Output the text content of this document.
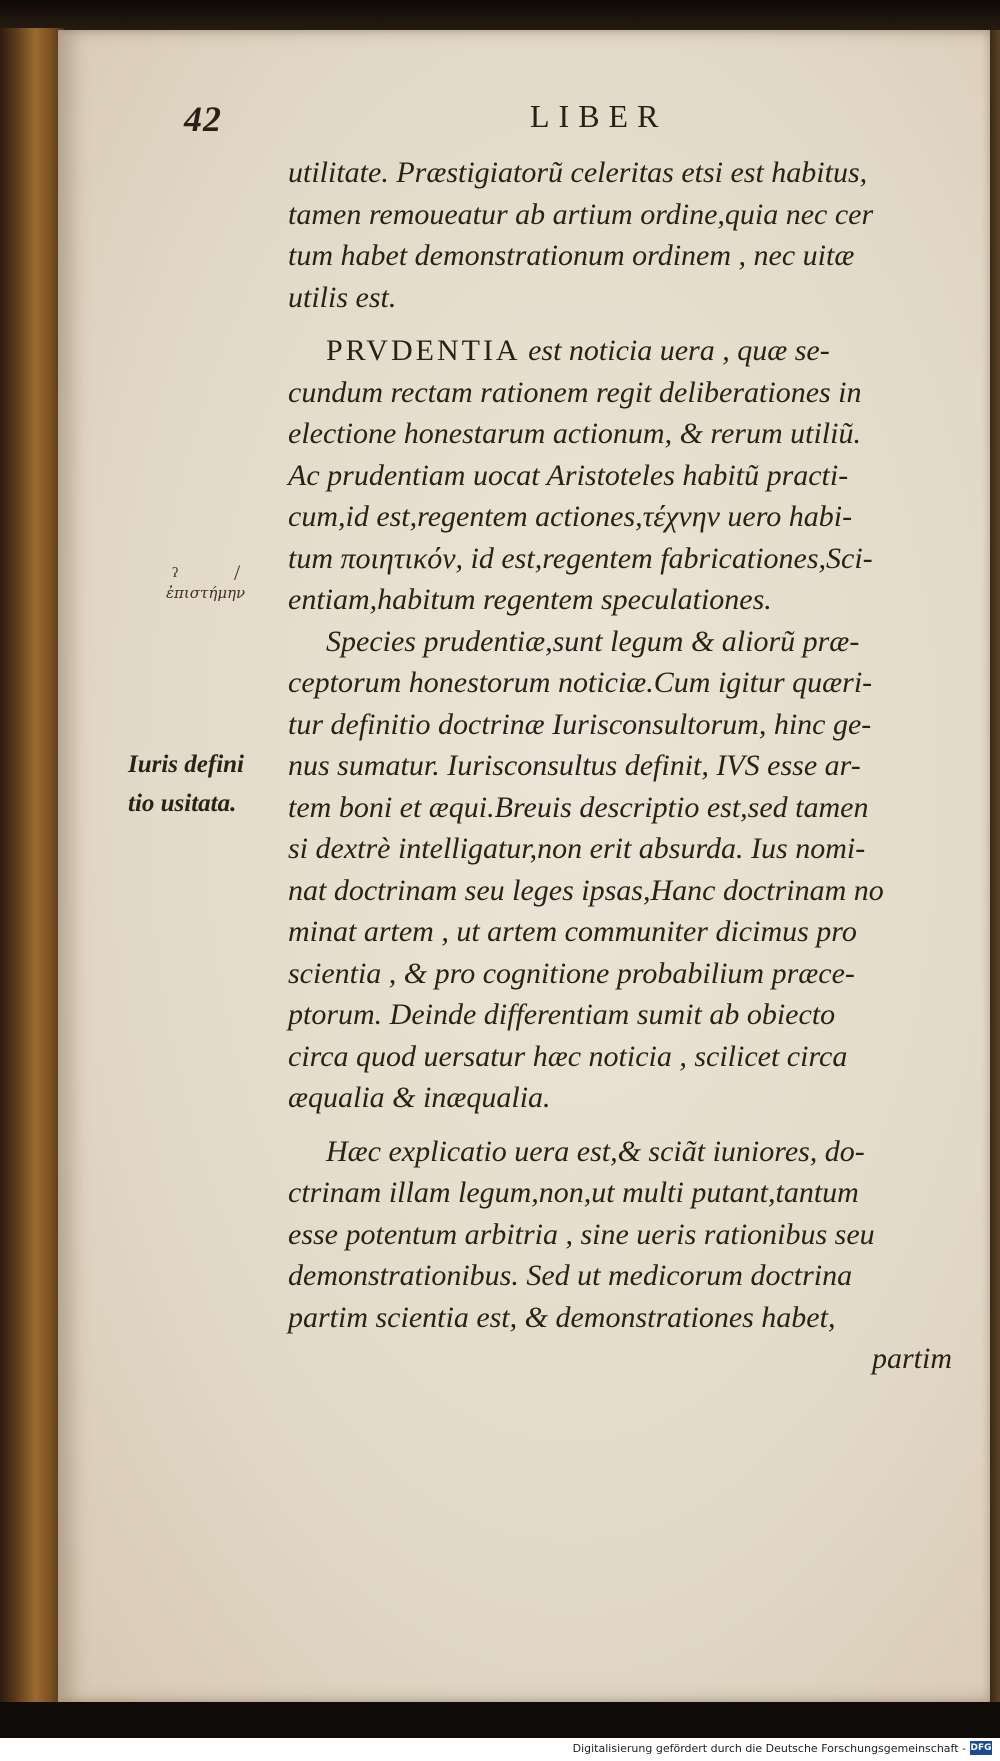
42	LIBER
ʔ	/
ἐπιστήμην
Iuris defini
tio usitata.
utilitate. Præstigiatorũ celeritas etsi est habitus,
tamen remoueatur ab artium ordine,quia nec cer
tum habet demonstrationum ordinem , nec uitæ
utilis est.
PRVDENTIA est noticia uera , quæ se-
cundum rectam rationem regit deliberationes in
electione honestarum actionum, & rerum utiliũ.
Ac prudentiam uocat Aristoteles habitũ practi-
cum,id est,regentem actiones,τέχνην uero habi-
tum ποιητικόν, id est,regentem fabricationes,Sci-
entiam,habitum regentem speculationes.
Species prudentiæ,sunt legum & aliorũ præ-
ceptorum honestorum noticiæ.Cum igitur quæri-
tur definitio doctrinæ Iurisconsultorum, hinc ge-
nus sumatur. Iurisconsultus definit, IVS esse ar-
tem boni et æqui.Breuis descriptio est,sed tamen
si dextrè intelligatur,non erit absurda. Ius nomi-
nat doctrinam seu leges ipsas,Hanc doctrinam no
minat artem , ut artem communiter dicimus pro
scientia , & pro cognitione probabilium præce-
ptorum. Deinde differentiam sumit ab obiecto
circa quod uersatur hæc noticia , scilicet circa
æqualia & inæqualia.
Hæc explicatio uera est,& sciãt iuniores, do-
ctrinam illam legum,non,ut multi putant,tantum
esse potentum arbitria , sine ueris rationibus seu
demonstrationibus. Sed ut medicorum doctrina
partim scientia est, & demonstrationes habet,
partim
Digitalisierung gefördert durch die Deutsche Forschungsgemeinschaft - DFG
